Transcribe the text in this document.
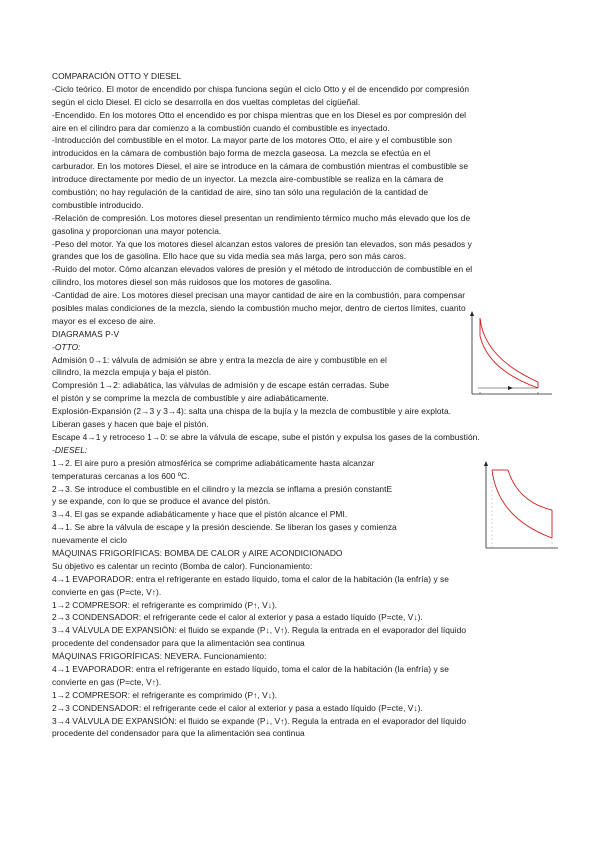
COMPARACIÓN OTTO Y DIESEL
-Ciclo teórico. El motor de encendido por chispa funciona según el ciclo Otto y el de encendido por compresión
según el ciclo Diesel. El ciclo se desarrolla en dos vueltas completas del cigüeñal.
-Encendido. En los motores Otto el encendido es por chispa mientras que en los Diesel es por compresión del
aire en el cilindro para dar comienzo a la combustión cuando el combustible es inyectado.
-Introducción del combustible en el motor. La mayor parte de los motores Otto, el aire y el combustible son
introducidos en la cámara de combustión bajo forma de mezcla gaseosa. La mezcla se efectúa en el
carburador. En los motores Diesel, el aire se introduce en la cámara de combustión mientras el combustible se
introduce directamente por medio de un inyector. La mezcla aire-combustible se realiza en la cámara de
combustión; no hay regulación de la cantidad de aire, sino tan sólo una regulación de la cantidad de
combustible introducido.
-Relación de compresión. Los motores diesel presentan un rendimiento térmico mucho más elevado que los de
gasolina y proporcionan una mayor potencia.
-Peso del motor. Ya que los motores diesel alcanzan estos valores de presión tan elevados, son más pesados y
grandes que los de gasolina. Ello hace que su vida media sea más larga, pero son más caros.
-Ruido del motor. Cómo alcanzan elevados valores de presión y el método de introducción de combustible en el
cilindro, los motores diesel son más ruidosos que los motores de gasolina.
-Cantidad de aire. Los motores diesel precisan una mayor cantidad de aire en la combustión, para compensar
posibles malas condiciones de la mezcla, siendo la combustión mucho mejor, dentro de ciertos límites, cuanto
mayor es el exceso de aire.
DIAGRAMAS P-V
-OTTO:
Admisión 0→1: válvula de admisión se abre y entra la mezcla de aire y combustible en el
cilindro, la mezcla empuja y baja el pistón.
Compresión 1→2: adiabática, las válvulas de admisión y de escape están cerradas. Sube
el pistón y se comprime la mezcla de combustible y aire adiabáticamente.
Explosión-Expansión (2→3 y 3→4): salta una chispa de la bujía y la mezcla de combustible y aire explota.
Liberan gases y hacen que baje el pistón.
Escape 4→1 y retroceso 1→0: se abre la válvula de escape, sube el pistón y expulsa los gases de la combustión.
-DIESEL:
1→2. El aire puro a presión atmosférica se comprime adiabáticamente hasta alcanzar
temperaturas cercanas a los 600 ºC.
2→3. Se introduce el combustible en el cilindro y la mezcla se inflama a presión constantE
y se expande, con lo que se produce el avance del pistón.
3→4. El gas se expande adiabáticamente y hace que el pistón alcance el PMI.
4→1. Se abre la válvula de escape y la presión desciende. Se liberan los gases y comienza
nuevamente el ciclo
MÁQUINAS FRIGORÍFICAS: BOMBA DE CALOR y AIRE ACONDICIONADO
Su objetivo es calentar un recinto (Bomba de calor). Funcionamiento:
4→1 EVAPORADOR: entra el refrigerante en estado líquido, toma el calor de la habitación (la enfría) y se
convierte en gas (P=cte, V↑).
1→2 COMPRESOR: el refrigerante es comprimido (P↑, V↓).
2→3 CONDENSADOR: el refrigerante cede el calor al exterior y pasa a estado líquido (P=cte, V↓).
3→4 VÁLVULA DE EXPANSIÓN: el fluido se expande (P↓, V↑). Regula la entrada en el evaporador del líquido
procedente del condensador para que la alimentación sea continua
MÁQUINAS FRIGORÍFICAS: NEVERA. Funcionamiento:
4→1 EVAPORADOR: entra el refrigerante en estado líquido, toma el calor de la habitación (la enfría) y se
convierte en gas (P=cte, V↑).
1→2 COMPRESOR: el refrigerante es comprimido (P↑, V↓).
2→3 CONDENSADOR: el refrigerante cede el calor al exterior y pasa a estado líquido (P=cte, V↓).
3→4 VÁLVULA DE EXPANSIÓN: el fluido se expande (P↓, V↑). Regula la entrada en el evaporador del líquido
procedente del condensador para que la alimentación sea continua
